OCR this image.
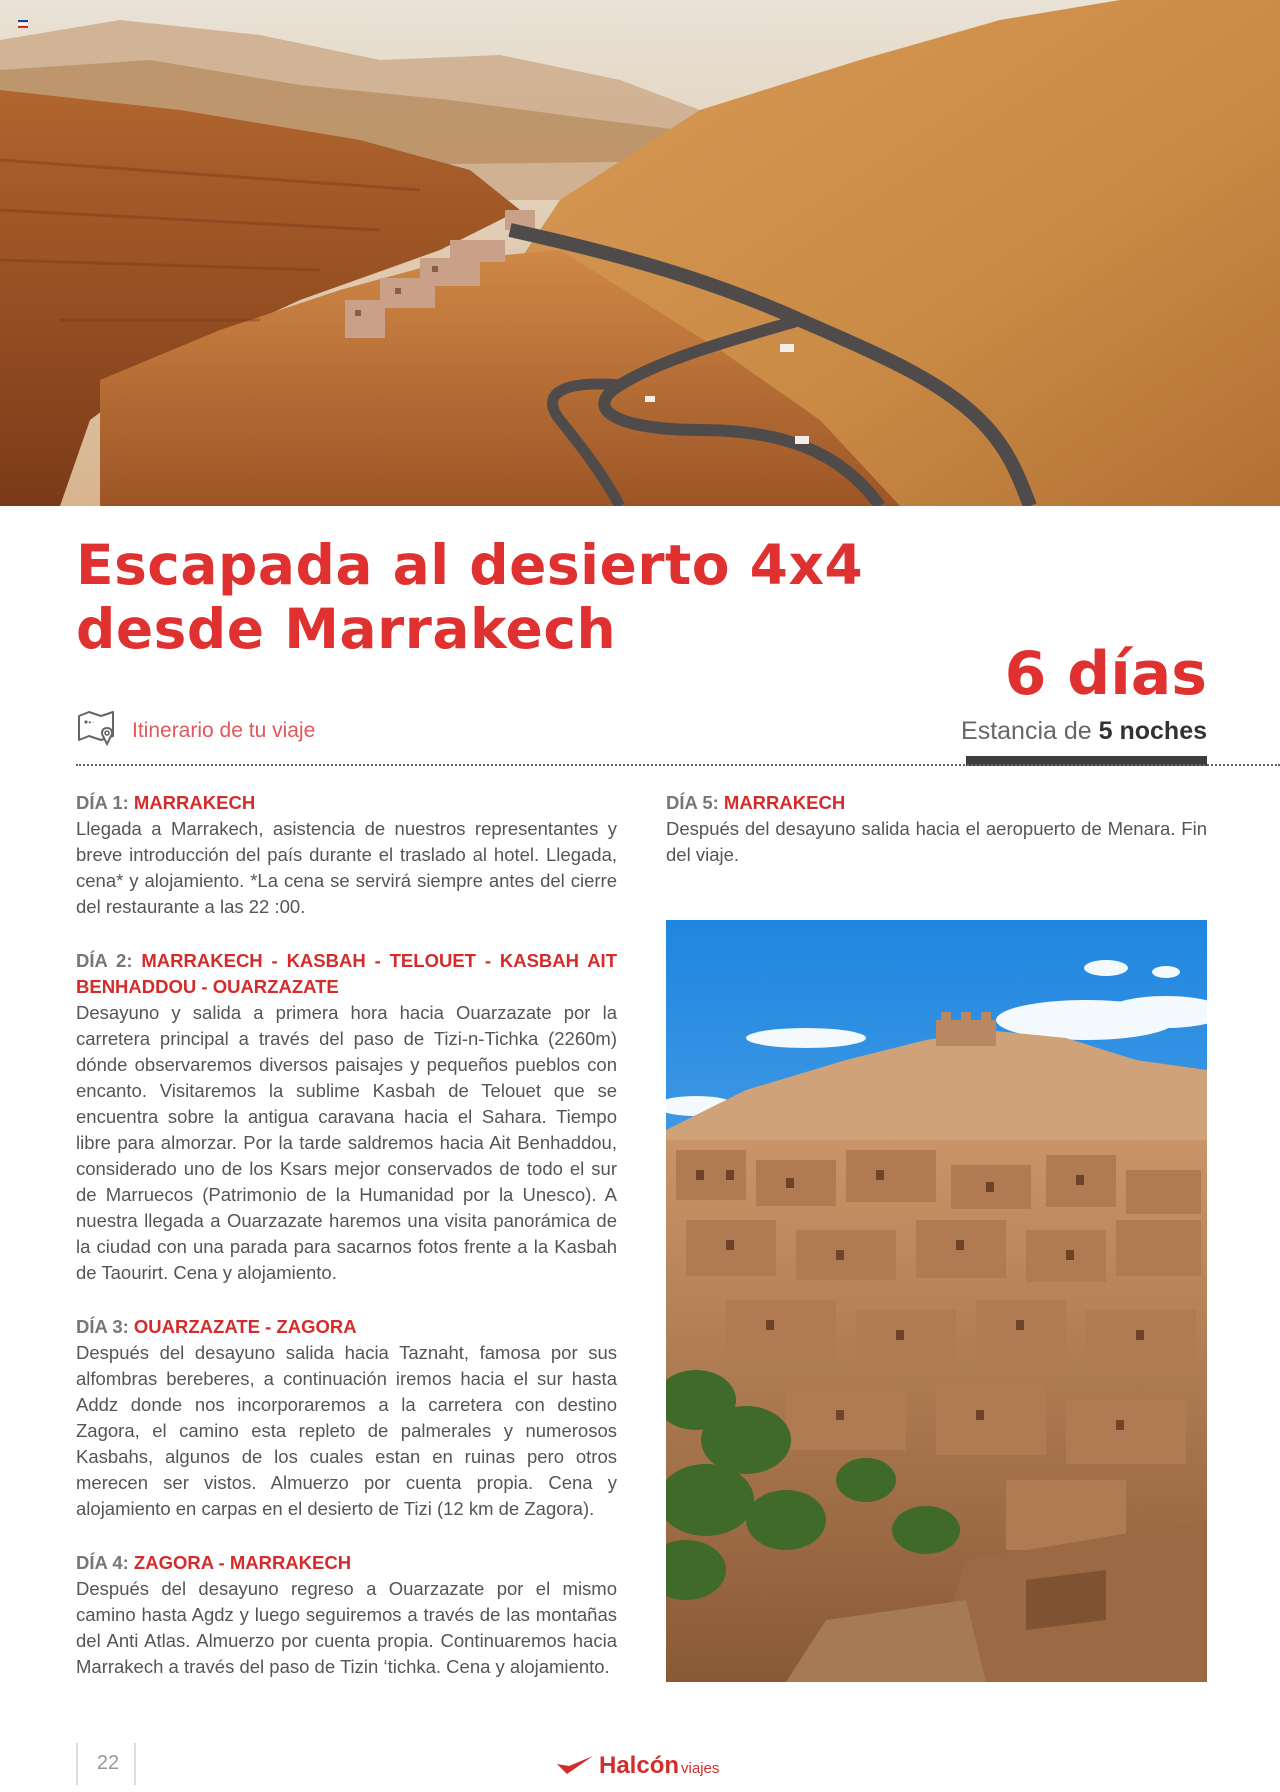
Escapada al desierto 4x4
desde Marrakech
6 días
Estancia de 5 noches
Itinerario de tu viaje

DÍA 1: MARRAKECH

Llegada a Marrakech, asistencia de nuestros representantes y breve introducción del país durante el traslado al hotel. Llegada, cena* y alojamiento. *La cena se servirá siempre antes del cierre del restaurante a las 22 :00.

DÍA 2: MARRAKECH - KASBAH - TELOUET - KASBAH AIT BENHADDOU - OUARZAZATE

Desayuno y salida a primera hora hacia Ouarzazate por la carretera principal a través del paso de Tizi-n-Tichka (2260m) dónde observaremos diversos paisajes y pequeños pueblos con encanto. Visitaremos la sublime Kasbah de Telouet que se encuentra sobre la antigua caravana hacia el Sahara. Tiempo libre para almorzar. Por la tarde saldremos hacia Ait Benhaddou, considerado uno de los Ksars mejor conservados de todo el sur de Marruecos (Patrimonio de la Humanidad por la Unesco). A nuestra llegada a Ouarzazate haremos una visita panorámica de la ciudad con una parada para sacarnos fotos frente a la Kasbah de Taourirt. Cena y alojamiento.

DÍA 3: OUARZAZATE - ZAGORA

Después del desayuno salida hacia Taznaht, famosa por sus alfombras bereberes, a continuación iremos hacia el sur hasta Addz donde nos incorporaremos a la carretera con destino Zagora, el camino esta repleto de palmerales y numerosos Kasbahs, algunos de los cuales estan en ruinas pero otros merecen ser vistos. Almuerzo por cuenta propia. Cena y alojamiento en carpas en el desierto de Tizi (12 km de Zagora).

DÍA 4: ZAGORA - MARRAKECH

Después del desayuno regreso a Ouarzazate por el mismo camino hasta Agdz y luego seguiremos a través de las montañas del Anti Atlas. Almuerzo por cuenta propia. Continuaremos hacia Marrakech a través del paso de Tizin ‘tichka. Cena y alojamiento.

DÍA 5: MARRAKECH

Después del desayuno salida hacia el aeropuerto de Menara. Fin del viaje.

22	Halcón viajes
